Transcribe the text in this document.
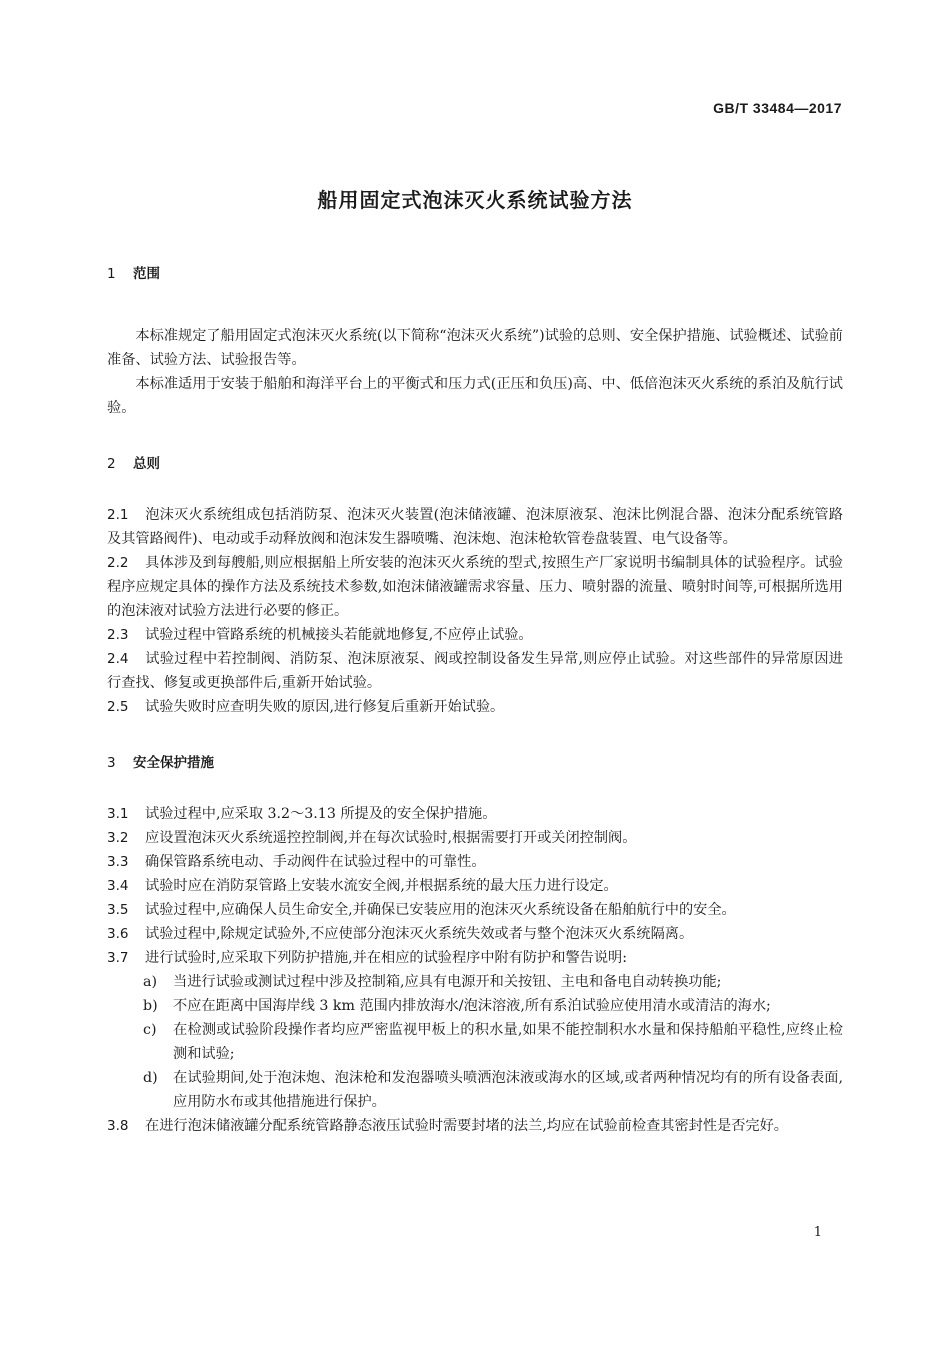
GB/T 33484—2017
船用固定式泡沫灭火系统试验方法
1 范围

本标准规定了船用固定式泡沫灭火系统(以下简称“泡沫灭火系统”)试验的总则、安全保护措施、试验概述、试验前准备、试验方法、试验报告等。

本标准适用于安装于船舶和海洋平台上的平衡式和压力式(正压和负压)高、中、低倍泡沫灭火系统的系泊及航行试验。

2 总则

2.1 泡沫灭火系统组成包括消防泵、泡沫灭火装置(泡沫储液罐、泡沫原液泵、泡沫比例混合器、泡沫分配系统管路及其管路阀件)、电动或手动释放阀和泡沫发生器喷嘴、泡沫炮、泡沫枪软管卷盘装置、电气设备等。

2.2 具体涉及到每艘船,则应根据船上所安装的泡沫灭火系统的型式,按照生产厂家说明书编制具体的试验程序。试验程序应规定具体的操作方法及系统技术参数,如泡沫储液罐需求容量、压力、喷射器的流量、喷射时间等,可根据所选用的泡沫液对试验方法进行必要的修正。

2.3 试验过程中管路系统的机械接头若能就地修复,不应停止试验。

2.4 试验过程中若控制阀、消防泵、泡沫原液泵、阀或控制设备发生异常,则应停止试验。对这些部件的异常原因进行查找、修复或更换部件后,重新开始试验。

2.5 试验失败时应查明失败的原因,进行修复后重新开始试验。

3 安全保护措施

3.1 试验过程中,应采取 3.2～3.13 所提及的安全保护措施。

3.2 应设置泡沫灭火系统遥控控制阀,并在每次试验时,根据需要打开或关闭控制阀。

3.3 确保管路系统电动、手动阀件在试验过程中的可靠性。

3.4 试验时应在消防泵管路上安装水流安全阀,并根据系统的最大压力进行设定。

3.5 试验过程中,应确保人员生命安全,并确保已安装应用的泡沫灭火系统设备在船舶航行中的安全。

3.6 试验过程中,除规定试验外,不应使部分泡沫灭火系统失效或者与整个泡沫灭火系统隔离。

3.7 进行试验时,应采取下列防护措施,并在相应的试验程序中附有防护和警告说明:

a) 当进行试验或测试过程中涉及控制箱,应具有电源开和关按钮、主电和备电自动转换功能;

b) 不应在距离中国海岸线 3 km 范围内排放海水/泡沫溶液,所有系泊试验应使用清水或清洁的海水;

c) 在检测或试验阶段操作者均应严密监视甲板上的积水量,如果不能控制积水水量和保持船舶平稳性,应终止检测和试验;

d) 在试验期间,处于泡沫炮、泡沫枪和发泡器喷头喷洒泡沫液或海水的区域,或者两种情况均有的所有设备表面,应用防水布或其他措施进行保护。

3.8 在进行泡沫储液罐分配系统管路静态液压试验时需要封堵的法兰,均应在试验前检查其密封性是否完好。

1
